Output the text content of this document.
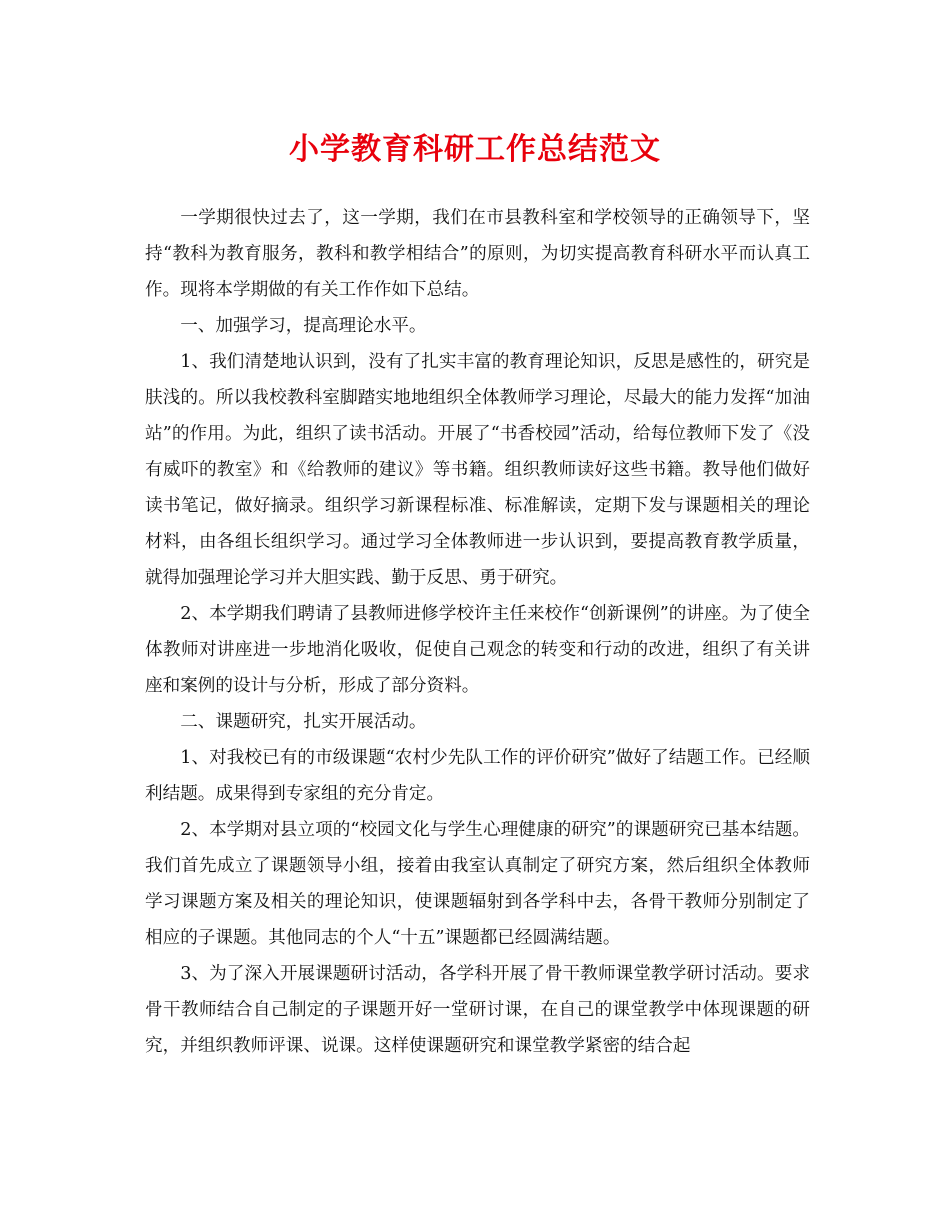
小学教育科研工作总结范文

一学期很快过去了，这一学期，我们在市县教科室和学校领导的正确领导下，坚持“教科为教育服务，教科和教学相结合”的原则，为切实提高教育科研水平而认真工作。现将本学期做的有关工作作如下总结。

一、加强学习，提高理论水平。

1、我们清楚地认识到，没有了扎实丰富的教育理论知识，反思是感性的，研究是肤浅的。所以我校教科室脚踏实地地组织全体教师学习理论，尽最大的能力发挥“加油站”的作用。为此，组织了读书活动。开展了“书香校园”活动，给每位教师下发了《没有威吓的教室》和《给教师的建议》等书籍。组织教师读好这些书籍。教导他们做好读书笔记，做好摘录。组织学习新课程标准、标准解读，定期下发与课题相关的理论材料，由各组长组织学习。通过学习全体教师进一步认识到，要提高教育教学质量，就得加强理论学习并大胆实践、勤于反思、勇于研究。

2、本学期我们聘请了县教师进修学校许主任来校作“创新课例”的讲座。为了使全体教师对讲座进一步地消化吸收，促使自己观念的转变和行动的改进，组织了有关讲座和案例的设计与分析，形成了部分资料。

二、课题研究，扎实开展活动。

1、对我校已有的市级课题“农村少先队工作的评价研究”做好了结题工作。已经顺利结题。成果得到专家组的充分肯定。

2、本学期对县立项的“校园文化与学生心理健康的研究”的课题研究已基本结题。我们首先成立了课题领导小组，接着由我室认真制定了研究方案，然后组织全体教师学习课题方案及相关的理论知识，使课题辐射到各学科中去，各骨干教师分别制定了相应的子课题。其他同志的个人“十五”课题都已经圆满结题。

3、为了深入开展课题研讨活动，各学科开展了骨干教师课堂教学研讨活动。要求骨干教师结合自己制定的子课题开好一堂研讨课，在自己的课堂教学中体现课题的研究，并组织教师评课、说课。这样使课题研究和课堂教学紧密的结合起
